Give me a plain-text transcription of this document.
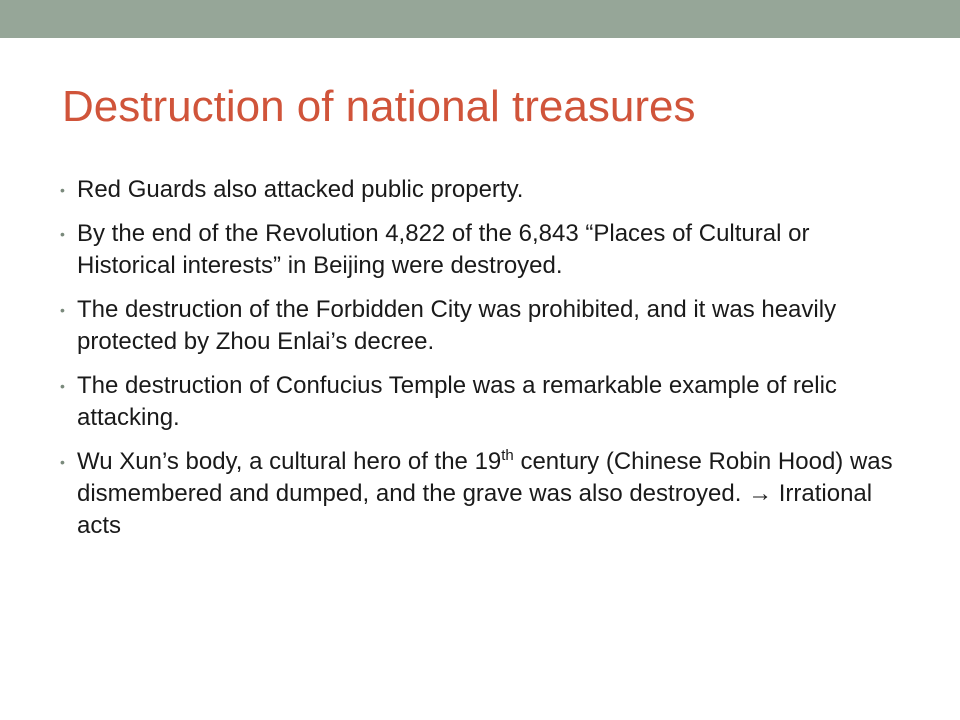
Destruction of national treasures
• Red Guards also attacked public property.
• By the end of the Revolution 4,822 of the 6,843 “Places of Cultural or Historical interests” in Beijing were destroyed.
• The destruction of the Forbidden City was prohibited, and it was heavily protected by Zhou Enlai’s decree.
• The destruction of Confucius Temple was a remarkable example of relic attacking.
• Wu Xun’s body, a cultural hero of the 19th century (Chinese Robin Hood) was dismembered and dumped, and the grave was also destroyed. → Irrational acts
